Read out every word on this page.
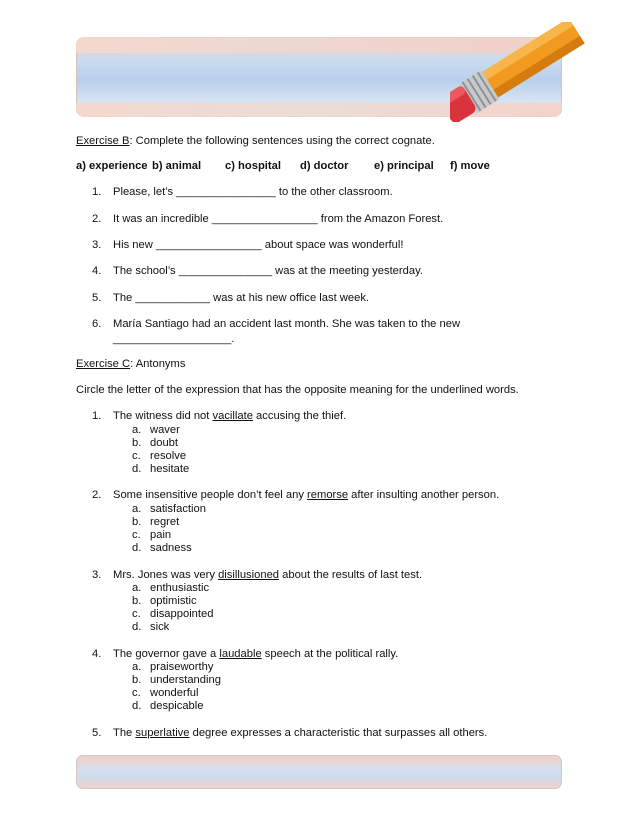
Exercise B: Complete the following sentences using the correct cognate.
a) experience b) animal c) hospital d) doctor e) principal f) move
1. Please, let’s ________________ to the other classroom.
2. It was an incredible _________________ from the Amazon Forest.
3. His new _________________ about space was wonderful!
4. The school’s _______________ was at the meeting yesterday.
5. The ____________ was at his new office last week.
6. María Santiago had an accident last month. She was taken to the new
___________________.
Exercise C: Antonyms
Circle the letter of the expression that has the opposite meaning for the underlined words.
1. The witness did not vacillate accusing the thief.
a. waver
b. doubt
c. resolve
d. hesitate
2. Some insensitive people don’t feel any remorse after insulting another person.
a. satisfaction
b. regret
c. pain
d. sadness
3. Mrs. Jones was very disillusioned about the results of last test.
a. enthusiastic
b. optimistic
c. disappointed
d. sick
4. The governor gave a laudable speech at the political rally.
a. praiseworthy
b. understanding
c. wonderful
d. despicable
5. The superlative degree expresses a characteristic that surpasses all others.
